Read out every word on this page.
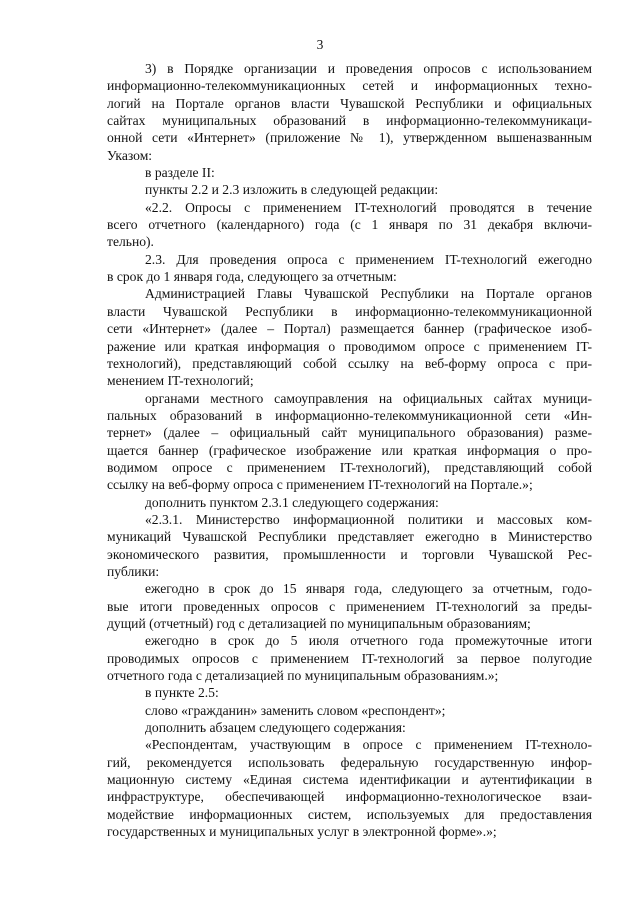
3
3) в Порядке организации и проведения опросов с использованием
информационно-телекоммуникационных сетей и информационных техно-
логий на Портале органов власти Чувашской Республики и официальных
сайтах муниципальных образований в информационно-телекоммуникаци-
онной сети «Интернет» (приложение № 1), утвержденном вышеназванным
Указом:
в разделе II:
пункты 2.2 и 2.3 изложить в следующей редакции:
«2.2. Опросы с применением IT-технологий проводятся в течение
всего отчетного (календарного) года (с 1 января по 31 декабря включи-
тельно).
2.3. Для проведения опроса с применением IT-технологий ежегодно
в срок до 1 января года, следующего за отчетным:
Администрацией Главы Чувашской Республики на Портале органов
власти Чувашской Республики в информационно-телекоммуникационной
сети «Интернет» (далее – Портал) размещается баннер (графическое изоб-
ражение или краткая информация о проводимом опросе с применением IT-
технологий), представляющий собой ссылку на веб-форму опроса с при-
менением IT-технологий;
органами местного самоуправления на официальных сайтах муници-
пальных образований в информационно-телекоммуникационной сети «Ин-
тернет» (далее – официальный сайт муниципального образования) разме-
щается баннер (графическое изображение или краткая информация о про-
водимом опросе с применением IT-технологий), представляющий собой
ссылку на веб-форму опроса с применением IT-технологий на Портале.»;
дополнить пунктом 2.3.1 следующего содержания:
«2.3.1. Министерство информационной политики и массовых ком-
муникаций Чувашской Республики представляет ежегодно в Министерство
экономического развития, промышленности и торговли Чувашской Рес-
публики:
ежегодно в срок до 15 января года, следующего за отчетным, годо-
вые итоги проведенных опросов с применением IT-технологий за преды-
дущий (отчетный) год с детализацией по муниципальным образованиям;
ежегодно в срок до 5 июля отчетного года промежуточные итоги
проводимых опросов с применением IT-технологий за первое полугодие
отчетного года с детализацией по муниципальным образованиям.»;
в пункте 2.5:
слово «гражданин» заменить словом «респондент»;
дополнить абзацем следующего содержания:
«Респондентам, участвующим в опросе с применением IT-техноло-
гий, рекомендуется использовать федеральную государственную инфор-
мационную систему «Единая система идентификации и аутентификации в
инфраструктуре, обеспечивающей информационно-технологическое взаи-
модействие информационных систем, используемых для предоставления
государственных и муниципальных услуг в электронной форме».»;
